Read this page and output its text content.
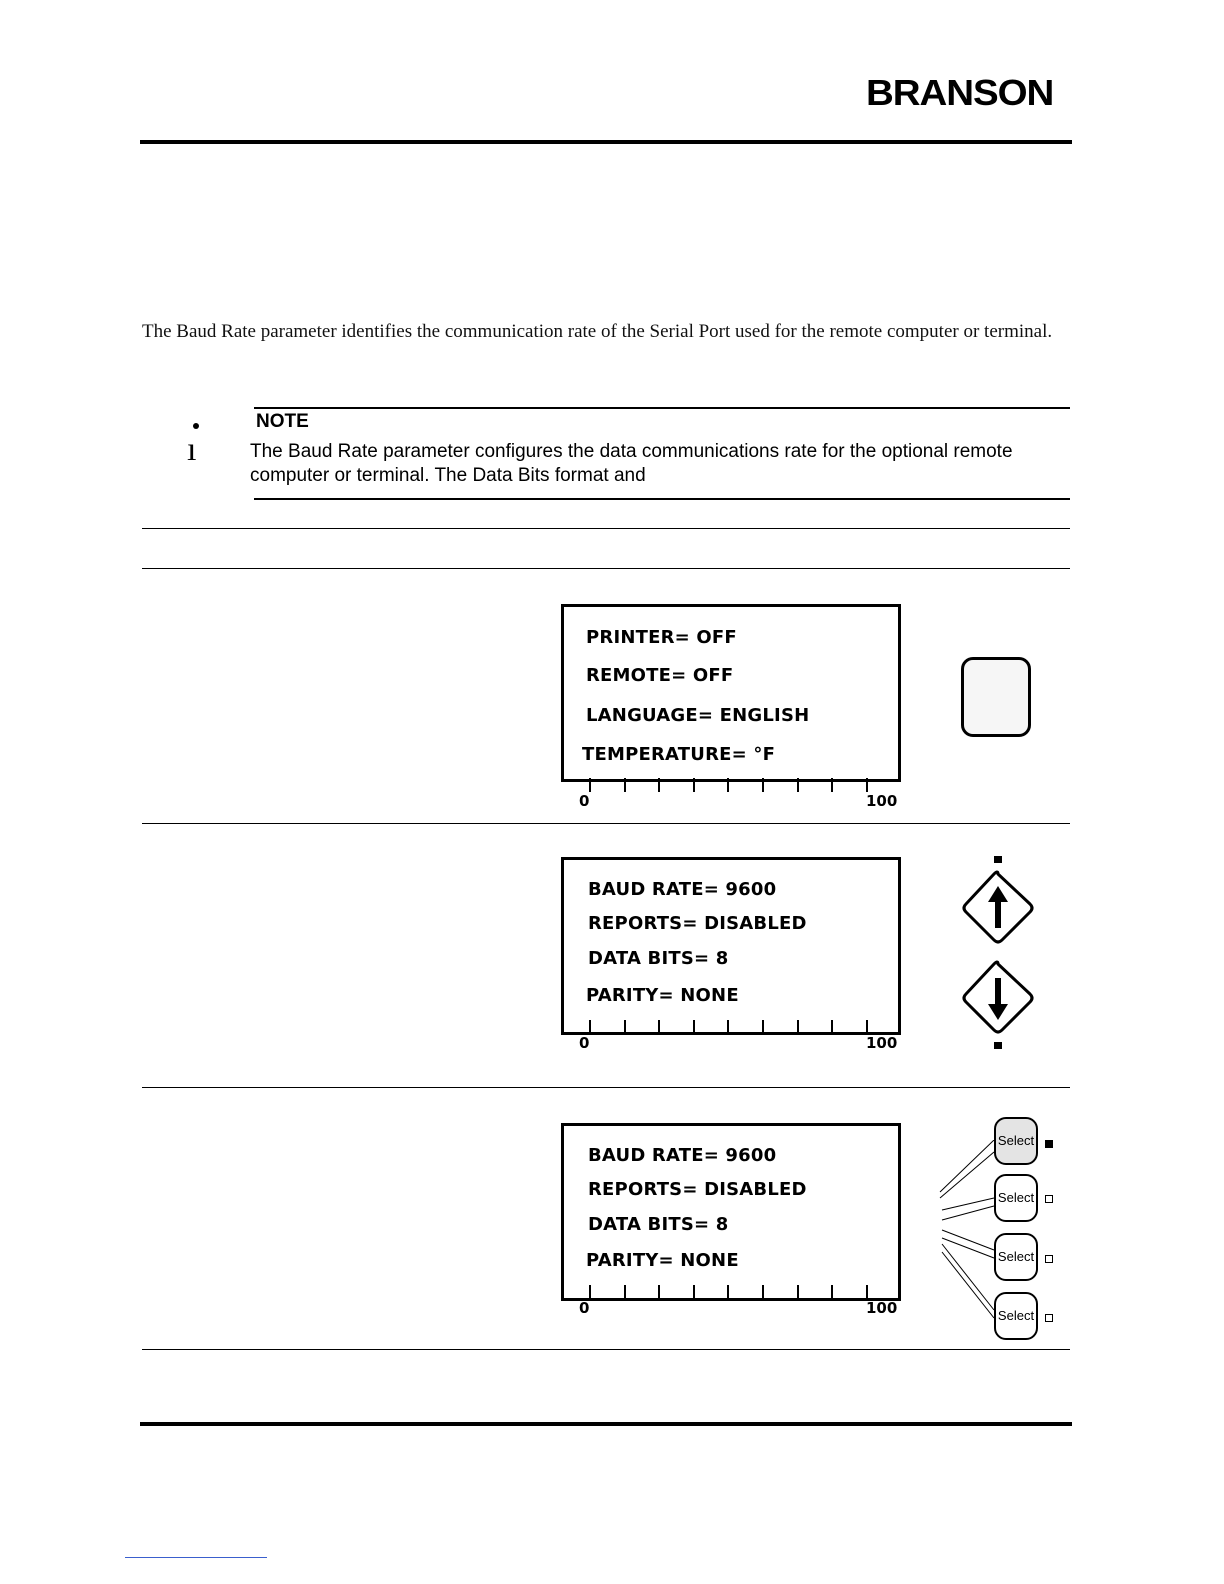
BRANSON
The Baud Rate parameter identifies the communication rate of the Serial Port used for the remote computer or terminal.
ı
NOTE
The Baud Rate parameter configures the data communications rate for the optional remote computer or terminal. The Data Bits format and
PRINTER= OFF
REMOTE= OFF
LANGUAGE= ENGLISH
TEMPERATURE= °F
0	100
BAUD RATE= 9600
REPORTS= DISABLED
DATA BITS= 8
PARITY= NONE
0	100
BAUD RATE= 9600
REPORTS= DISABLED
DATA BITS= 8
PARITY= NONE
0	100
Select
Select
Select
Select
